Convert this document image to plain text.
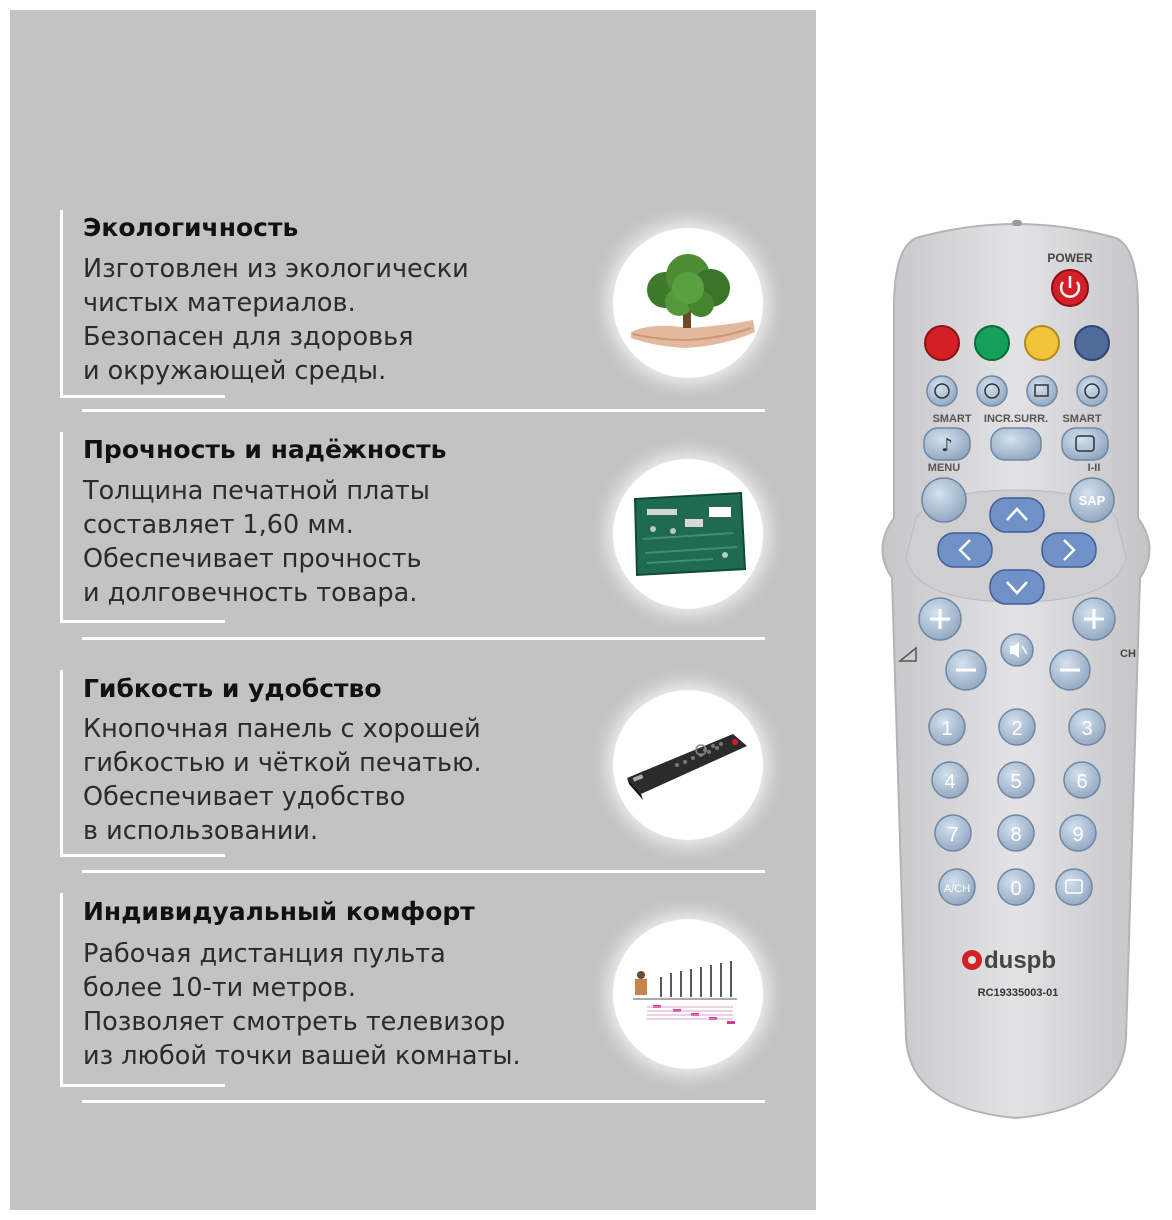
Экологичность

Изготовлен из экологически

чистых материалов.

Безопасен для здоровья

и окружающей среды.

Прочность и надёжность

Толщина печатной платы

составляет 1,60 мм.

Обеспечивает прочность

и долговечность товара.

Гибкость и удобство

Кнопочная панель с хорошей

гибкостью и чёткой печатью.

Обеспечивает удобство

в использовании.

Индивидуальный комфорт

Рабочая дистанция пульта

более 10-ти метров.

Позволяет смотреть телевизор

из любой точки вашей комнаты.

POWER
SMART INCR.SURR. SMART
♪
MENU	I-II
SAP
CH
1	2	3
4	5	6
7	8	9
A/CH 0
duspb
RC19335003-01
